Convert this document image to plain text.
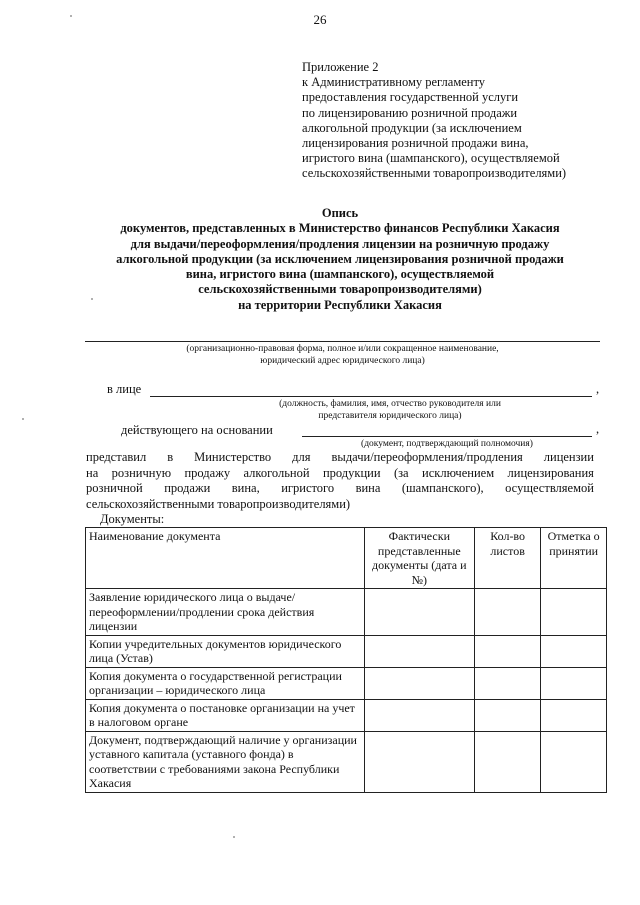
26
Приложение 2
к Административному регламенту
предоставления государственной услуги
по лицензированию розничной продажи
алкогольной продукции (за исключением
лицензирования розничной продажи вина,
игристого вина (шампанского), осуществляемой
сельскохозяйственными товаропроизводителями)
Опись
документов, представленных в Министерство финансов Республики Хакасия
для выдачи/переоформления/продления лицензии на розничную продажу
алкогольной продукции (за исключением лицензирования розничной продажи
вина, игристого вина (шампанского), осуществляемой
сельскохозяйственными товаропроизводителями)
на территории Республики Хакасия
(организационно-правовая форма, полное и/или сокращенное наименование,
юридический адрес юридического лица)
в лице	,
(должность, фамилия, имя, отчество руководителя или
представителя юридического лица)
действующего на основании	,
(документ, подтверждающий полномочия)
представил в Министерство для выдачи/переоформления/продления лицензии
на розничную продажу алкогольной продукции (за исключением лицензирования
розничной продажи вина, игристого вина (шампанского), осуществляемой
сельскохозяйственными товаропроизводителями)
Документы:
Наименование документа	Фактически представленные документы (дата и №)	Кол-во листов	Отметка о принятии
Заявление юридического лица о выдаче/переоформлении/продлении срока действия лицензии			
Копии учредительных документов юридического лица (Устав)			
Копия документа о государственной регистрации организации – юридического лица			
Копия документа о постановке организации на учет в налоговом органе			
Документ, подтверждающий наличие у организации уставного капитала (уставного фонда) в соответствии с требованиями закона Республики Хакасия			
